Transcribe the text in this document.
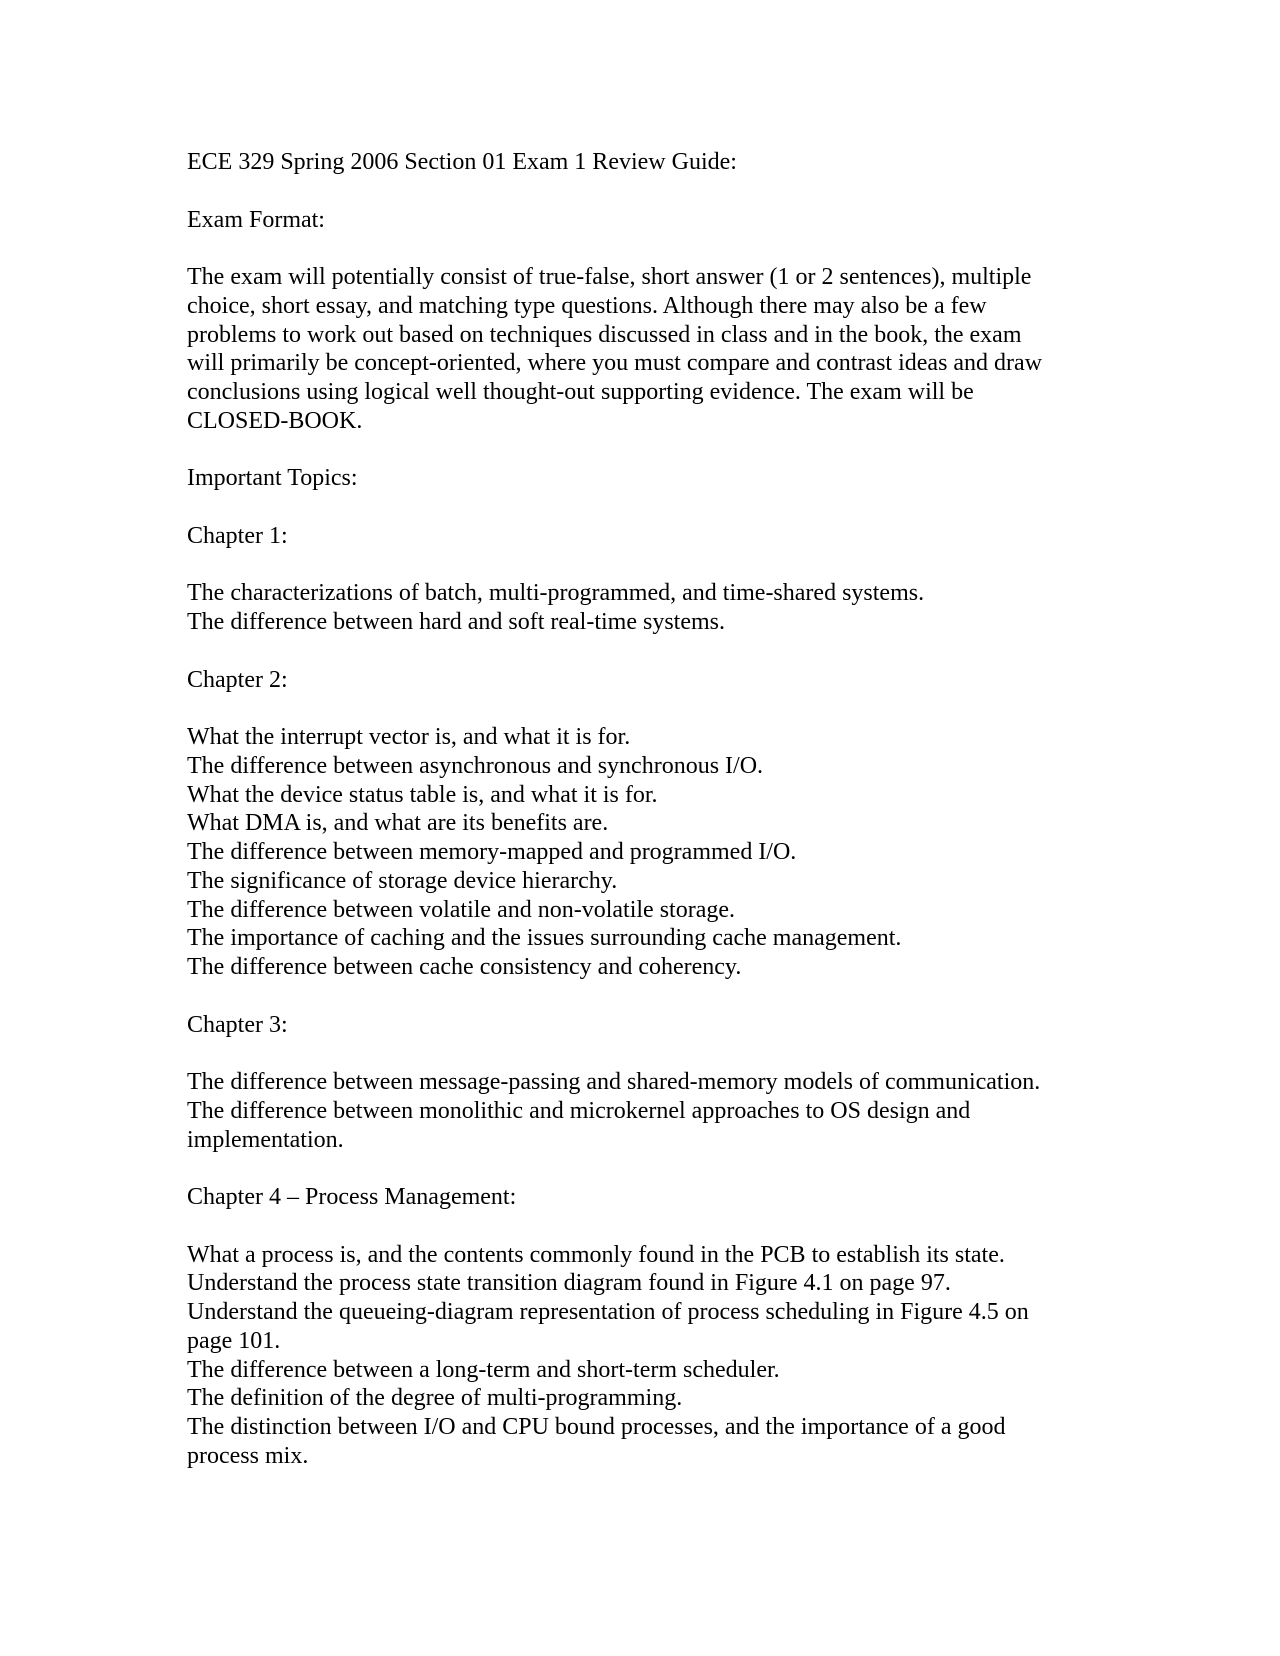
ECE 329 Spring 2006 Section 01 Exam 1 Review Guide:

Exam Format:

The exam will potentially consist of true-false, short answer (1 or 2 sentences), multiple
choice, short essay, and matching type questions. Although there may also be a few
problems to work out based on techniques discussed in class and in the book, the exam
will primarily be concept-oriented, where you must compare and contrast ideas and draw
conclusions using logical well thought-out supporting evidence. The exam will be
CLOSED-BOOK.

Important Topics:

Chapter 1:

The characterizations of batch, multi-programmed, and time-shared systems.
The difference between hard and soft real-time systems.

Chapter 2:

What the interrupt vector is, and what it is for.
The difference between asynchronous and synchronous I/O.
What the device status table is, and what it is for.
What DMA is, and what are its benefits are.
The difference between memory-mapped and programmed I/O.
The significance of storage device hierarchy.
The difference between volatile and non-volatile storage.
The importance of caching and the issues surrounding cache management.
The difference between cache consistency and coherency.

Chapter 3:

The difference between message-passing and shared-memory models of communication.
The difference between monolithic and microkernel approaches to OS design and
implementation.

Chapter 4 – Process Management:

What a process is, and the contents commonly found in the PCB to establish its state.
Understand the process state transition diagram found in Figure 4.1 on page 97.
Understand the queueing-diagram representation of process scheduling in Figure 4.5 on
page 101.
The difference between a long-term and short-term scheduler.
The definition of the degree of multi-programming.
The distinction between I/O and CPU bound processes, and the importance of a good
process mix.
